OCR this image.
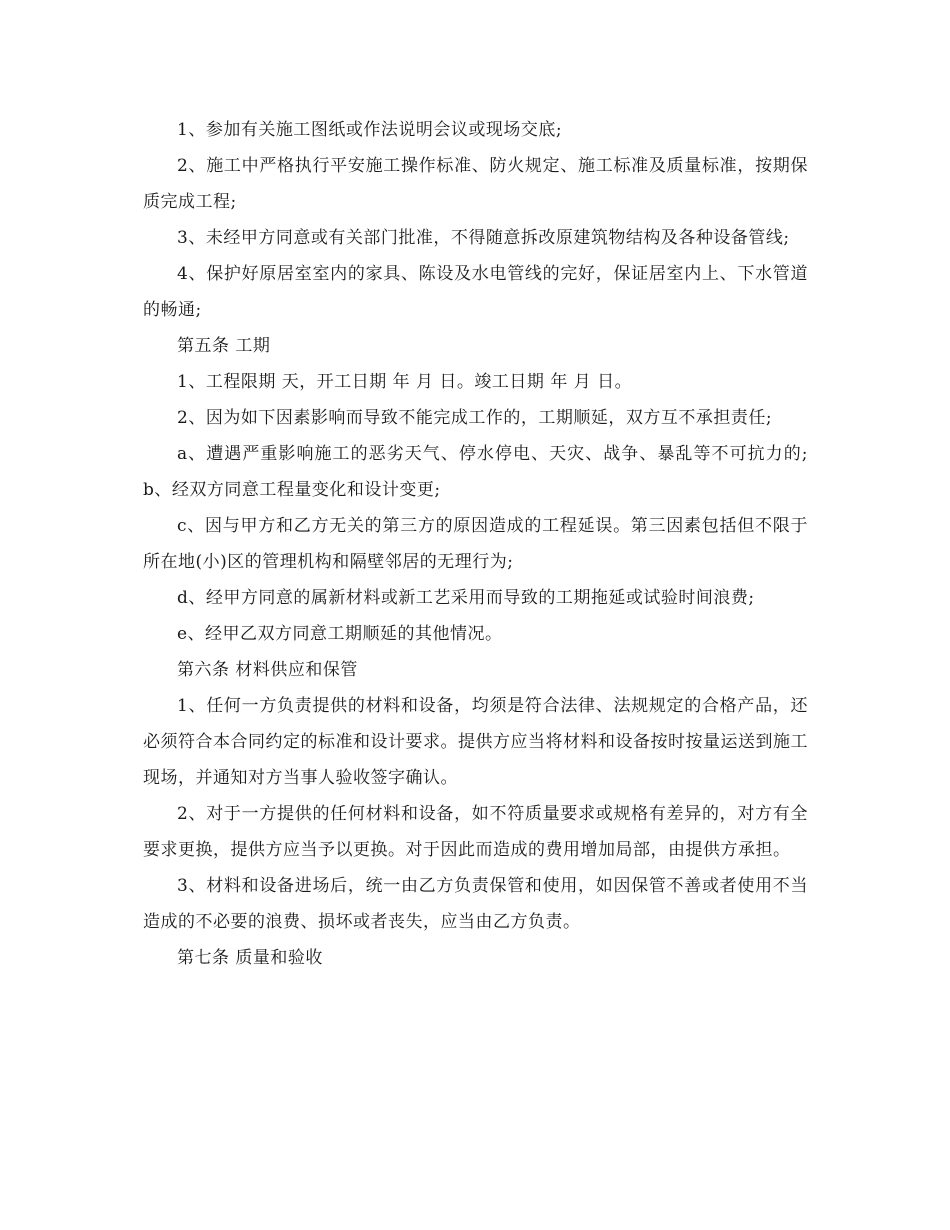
1、参加有关施工图纸或作法说明会议或现场交底;

2、施工中严格执行平安施工操作标准、防火规定、施工标准及质量标准，按期保质完成工程;

3、未经甲方同意或有关部门批准，不得随意拆改原建筑物结构及各种设备管线;

4、保护好原居室室内的家具、陈设及水电管线的完好，保证居室内上、下水管道的畅通;

第五条 工期

1、工程限期 天，开工日期 年 月 日。竣工日期 年 月 日。

2、因为如下因素影响而导致不能完成工作的，工期顺延，双方互不承担责任;

a、遭遇严重影响施工的恶劣天气、停水停电、天灾、战争、暴乱等不可抗力的; b、经双方同意工程量变化和设计变更;

c、因与甲方和乙方无关的第三方的原因造成的工程延误。第三因素包括但不限于所在地(小)区的管理机构和隔壁邻居的无理行为;

d、经甲方同意的属新材料或新工艺采用而导致的工期拖延或试验时间浪费;

e、经甲乙双方同意工期顺延的其他情况。

第六条 材料供应和保管

1、任何一方负责提供的材料和设备，均须是符合法律、法规规定的合格产品，还必须符合本合同约定的标准和设计要求。提供方应当将材料和设备按时按量运送到施工现场，并通知对方当事人验收签字确认。

2、对于一方提供的任何材料和设备，如不符质量要求或规格有差异的，对方有全要求更换，提供方应当予以更换。对于因此而造成的费用增加局部，由提供方承担。

3、材料和设备进场后，统一由乙方负责保管和使用，如因保管不善或者使用不当造成的不必要的浪费、损坏或者丧失，应当由乙方负责。

第七条 质量和验收
